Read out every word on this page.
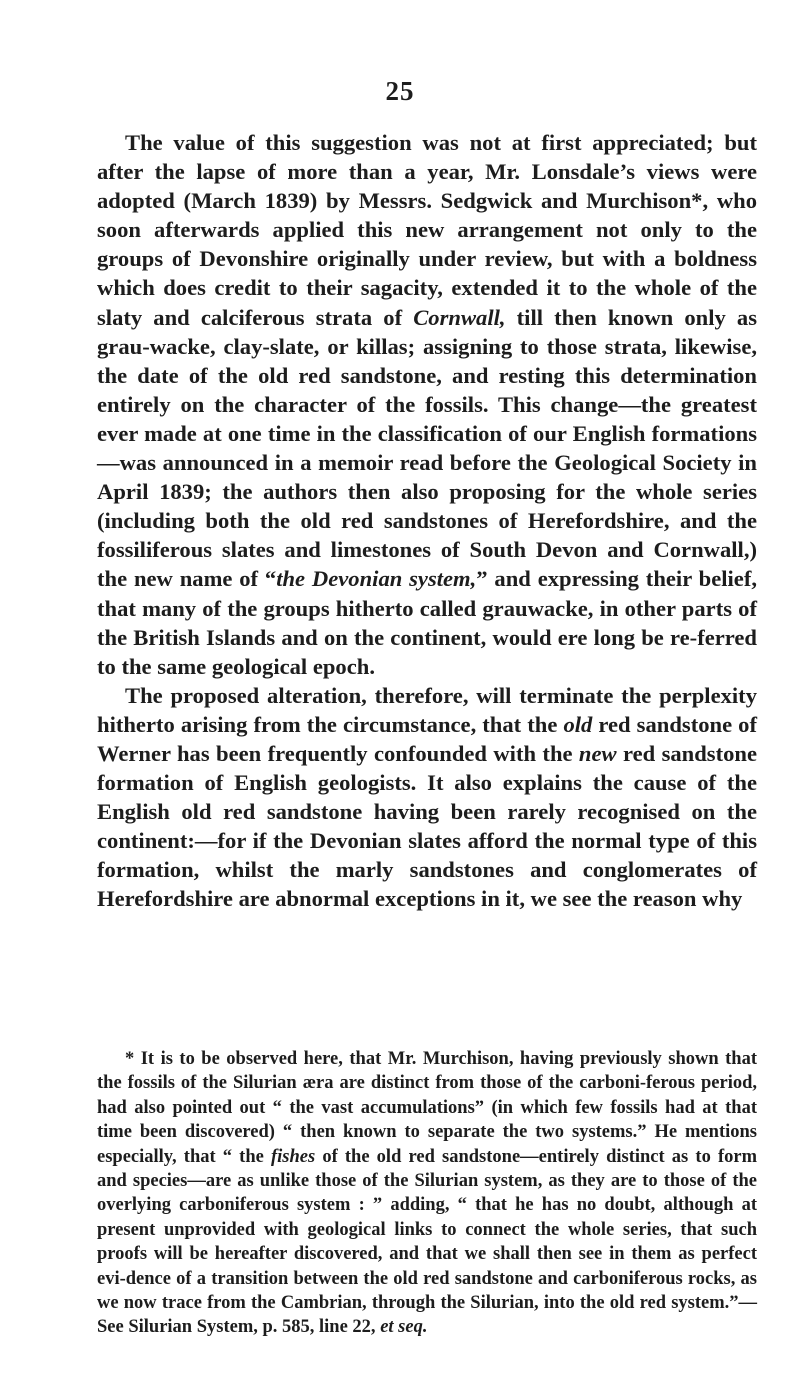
25

The value of this suggestion was not at first appreciated; but after the lapse of more than a year, Mr. Lonsdale’s views were adopted (March 1839) by Messrs. Sedgwick and Murchison*, who soon afterwards applied this new arrangement not only to the groups of Devonshire originally under review, but with a boldness which does credit to their sagacity, extended it to the whole of the slaty and calciferous strata of Cornwall, till then known only as grau-wacke, clay-slate, or killas; assigning to those strata, likewise, the date of the old red sandstone, and resting this determination entirely on the character of the fossils. This change—the greatest ever made at one time in the classification of our English formations—was announced in a memoir read before the Geological Society in April 1839; the authors then also proposing for the whole series (including both the old red sandstones of Herefordshire, and the fossiliferous slates and limestones of South Devon and Cornwall,) the new name of “the Devonian system,” and expressing their belief, that many of the groups hitherto called grauwacke, in other parts of the British Islands and on the continent, would ere long be re-ferred to the same geological epoch.

The proposed alteration, therefore, will terminate the perplexity hitherto arising from the circumstance, that the old red sandstone of Werner has been frequently confounded with the new red sandstone formation of English geologists. It also explains the cause of the English old red sandstone having been rarely recognised on the continent:—for if the Devonian slates afford the normal type of this formation, whilst the marly sandstones and conglomerates of Herefordshire are abnormal exceptions in it, we see the reason why

* It is to be observed here, that Mr. Murchison, having previously shown that the fossils of the Silurian æra are distinct from those of the carboni-ferous period, had also pointed out “ the vast accumulations” (in which few fossils had at that time been discovered) “ then known to separate the two systems.” He mentions especially, that “ the fishes of the old red sandstone—entirely distinct as to form and species—are as unlike those of the Silurian system, as they are to those of the overlying carboniferous system : ” adding, “ that he has no doubt, although at present unprovided with geological links to connect the whole series, that such proofs will be hereafter discovered, and that we shall then see in them as perfect evi-dence of a transition between the old red sandstone and carboniferous rocks, as we now trace from the Cambrian, through the Silurian, into the old red system.”—See Silurian System, p. 585, line 22, et seq.
